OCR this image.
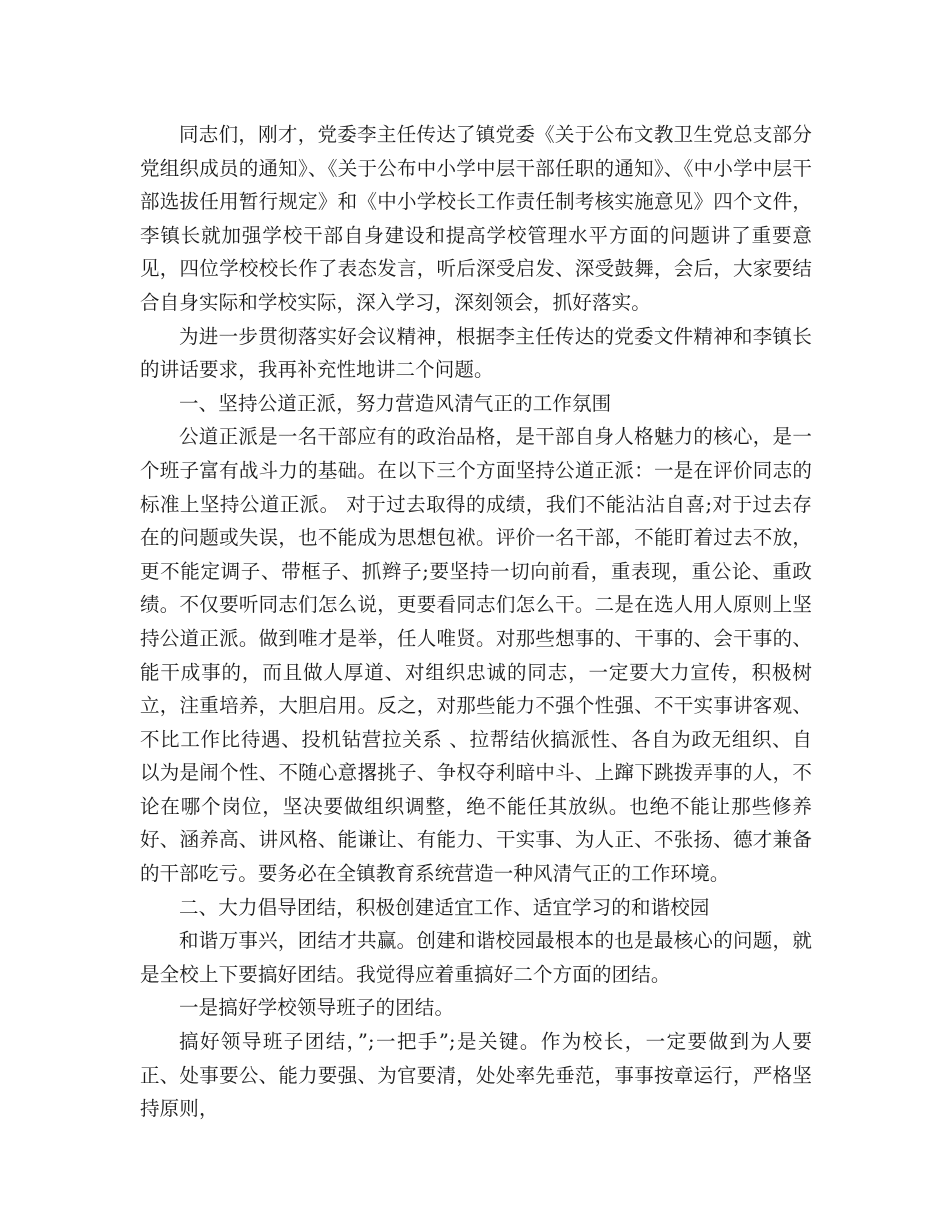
同志们，刚才，党委李主任传达了镇党委《关于公布文教卫生党总支部分党组织成员的通知》、《关于公布中小学中层干部任职的通知》、《中小学中层干部选拔任用暂行规定》和《中小学校长工作责任制考核实施意见》四个文件， 李镇长就加强学校干部自身建设和提高学校管理水平方面的问题讲了重要意见，四位学校校长作了表态发言，听后深受启发、深受鼓舞，会后，大家要结合自身实际和学校实际，深入学习，深刻领会，抓好落实。

为进一步贯彻落实好会议精神，根据李主任传达的党委文件精神和李镇长的讲话要求，我再补充性地讲二个问题。

一、坚持公道正派，努力营造风清气正的工作氛围

公道正派是一名干部应有的政治品格，是干部自身人格魅力的核心，是一个班子富有战斗力的基础。在以下三个方面坚持公道正派：一是在评价同志的标准上坚持公道正派。 对于过去取得的成绩，我们不能沾沾自喜;对于过去存在的问题或失误，也不能成为思想包袱。评价一名干部，不能盯着过去不放，更不能定调子、带框子、抓辫子;要坚持一切向前看，重表现，重公论、重政绩。不仅要听同志们怎么说，更要看同志们怎么干。二是在选人用人原则上坚持公道正派。做到唯才是举，任人唯贤。对那些想事的、干事的、会干事的、能干成事的，而且做人厚道、对组织忠诚的同志，一定要大力宣传，积极树立，注重培养，大胆启用。反之，对那些能力不强个性强、不干实事讲客观、不比工作比待遇、投机钻营拉关系 、拉帮结伙搞派性、各自为政无组织、自以为是闹个性、不随心意撂挑子、争权夺利暗中斗、上蹿下跳拨弄事的人，不论在哪个岗位，坚决要做组织调整，绝不能任其放纵。也绝不能让那些修养好、涵养高、讲风格、能谦让、有能力、干实事、为人正、不张扬、德才兼备的干部吃亏。要务必在全镇教育系统营造一种风清气正的工作环境。

二、大力倡导团结，积极创建适宜工作、适宜学习的和谐校园

和谐万事兴，团结才共赢。创建和谐校园最根本的也是最核心的问题，就是全校上下要搞好团结。我觉得应着重搞好二个方面的团结。

一是搞好学校领导班子的团结。

搞好领导班子团结，”;一把手”;是关键。作为校长，一定要做到为人要正、处事要公、能力要强、为官要清，处处率先垂范，事事按章运行，严格坚持原则，
